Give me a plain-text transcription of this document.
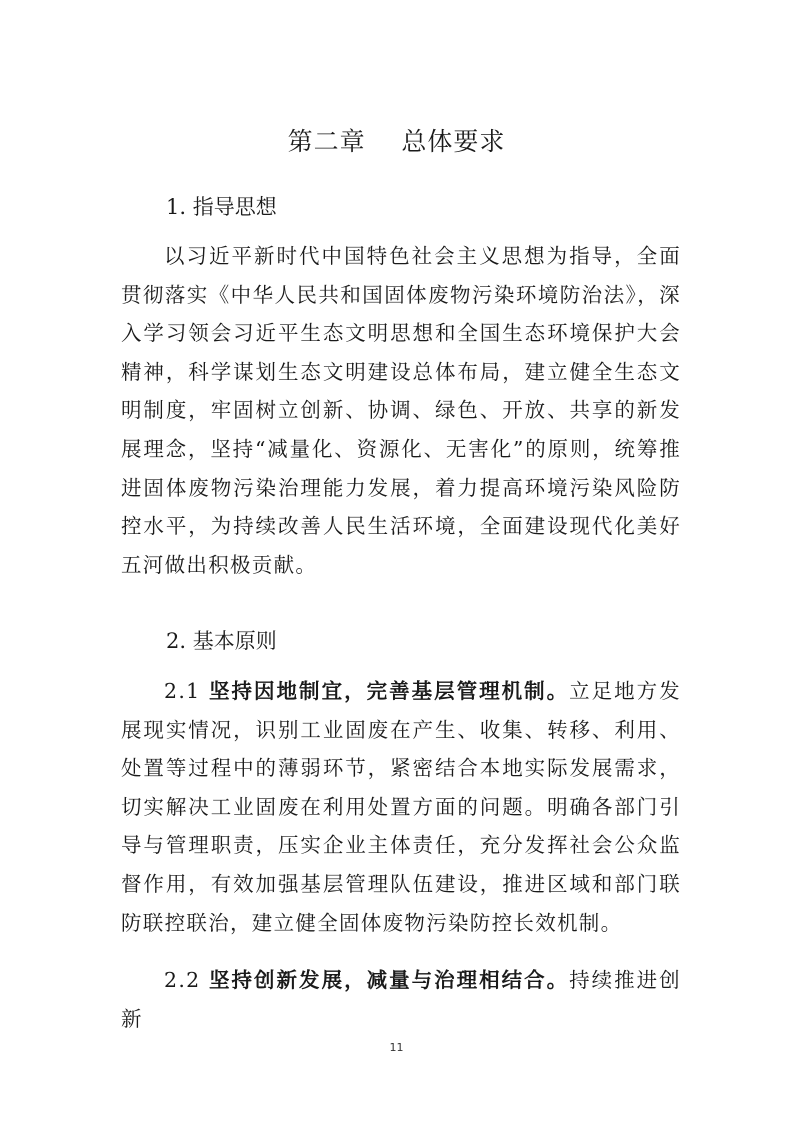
第二章    总体要求
1. 指导思想

以习近平新时代中国特色社会主义思想为指导，全面贯彻落实《中华人民共和国固体废物污染环境防治法》，深入学习领会习近平生态文明思想和全国生态环境保护大会精神，科学谋划生态文明建设总体布局，建立健全生态文明制度，牢固树立创新、协调、绿色、开放、共享的新发展理念，坚持“减量化、资源化、无害化”的原则，统筹推进固体废物污染治理能力发展，着力提高环境污染风险防控水平，为持续改善人民生活环境，全面建设现代化美好五河做出积极贡献。

2. 基本原则

2.1 坚持因地制宜，完善基层管理机制。立足地方发展现实情况，识别工业固废在产生、收集、转移、利用、处置等过程中的薄弱环节，紧密结合本地实际发展需求，切实解决工业固废在利用处置方面的问题。明确各部门引导与管理职责，压实企业主体责任，充分发挥社会公众监督作用，有效加强基层管理队伍建设，推进区域和部门联防联控联治，建立健全固体废物污染防控长效机制。

2.2 坚持创新发展，减量与治理相结合。持续推进创新

11
